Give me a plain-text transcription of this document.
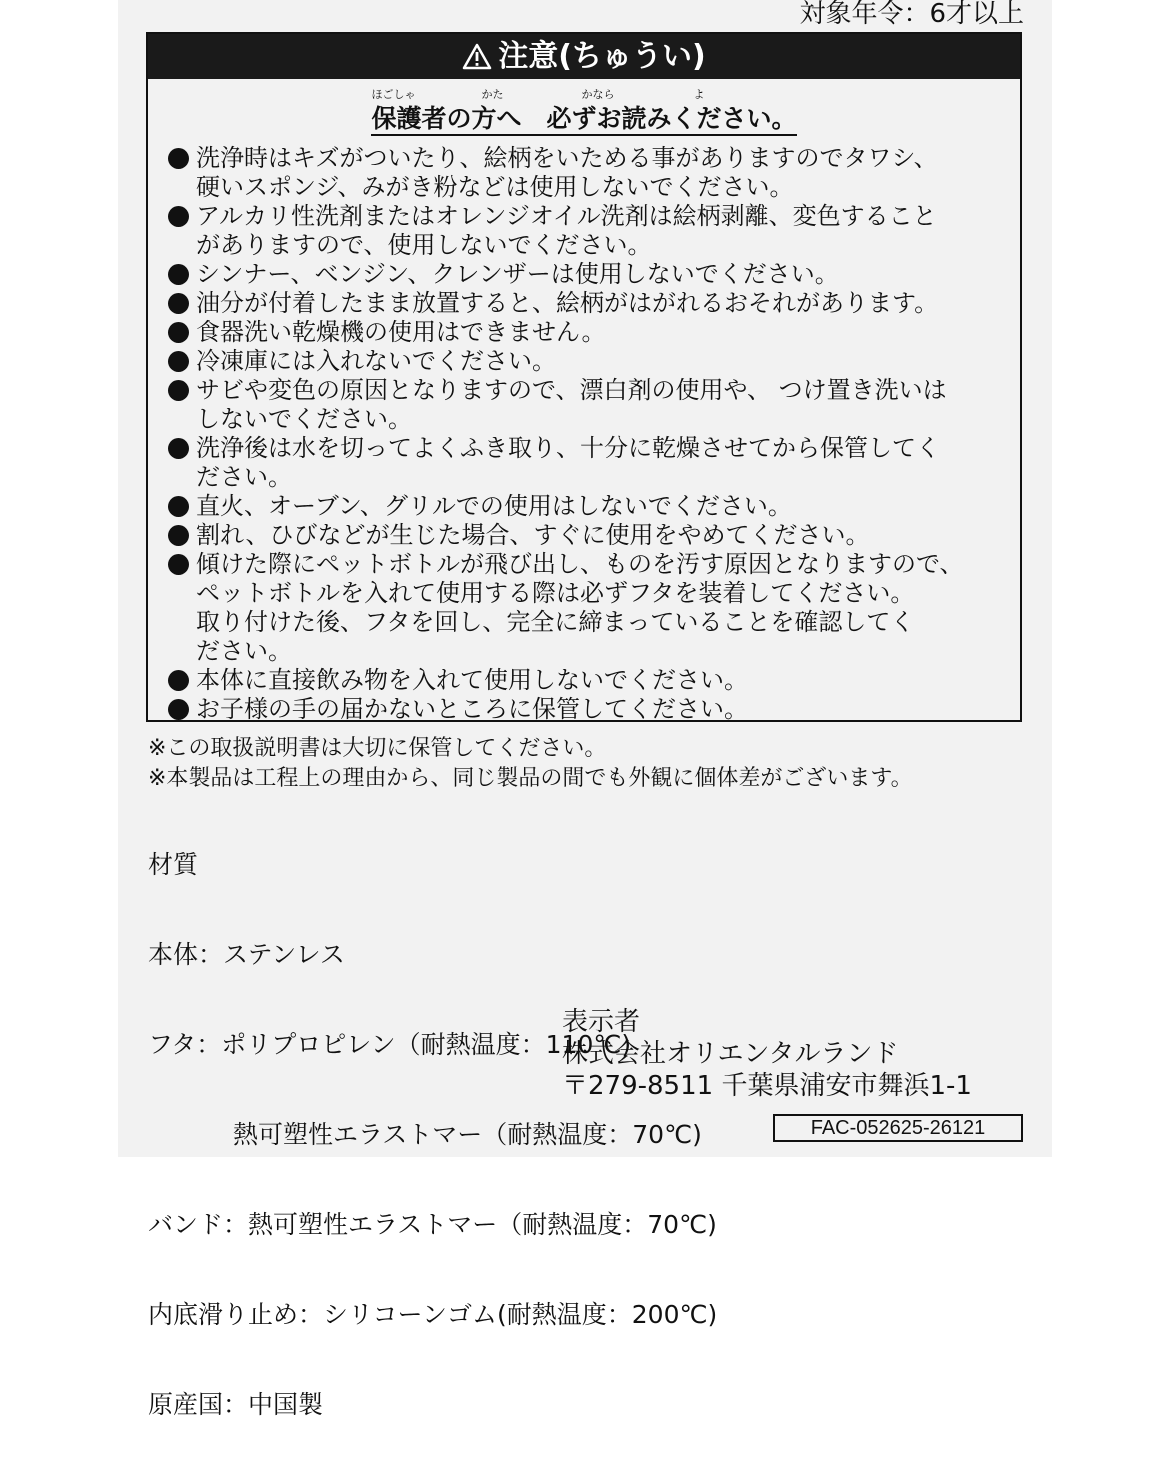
対象年令：6才以上
注意(ちゅうい)
ほごしゃ	かた	かなら	よ
保護者の方へ　必ずお読みください。
洗浄時はキズがついたり、絵柄をいためる事がありますのでタワシ、
硬いスポンジ、みがき粉などは使用しないでください。
アルカリ性洗剤またはオレンジオイル洗剤は絵柄剥離、変色すること
がありますので、使用しないでください。
シンナー、ベンジン、クレンザーは使用しないでください。
油分が付着したまま放置すると、絵柄がはがれるおそれがあります。
食器洗い乾燥機の使用はできません。
冷凍庫には入れないでください。
サビや変色の原因となりますので、漂白剤の使用や、 つけ置き洗いは
しないでください。
洗浄後は水を切ってよくふき取り、十分に乾燥させてから保管してく
ださい。
直火、オーブン、グリルでの使用はしないでください。
割れ、ひびなどが生じた場合、すぐに使用をやめてください。
傾けた際にペットボトルが飛び出し、ものを汚す原因となりますので、
ペットボトルを入れて使用する際は必ずフタを装着してください。
取り付けた後、フタを回し、完全に締まっていることを確認してく
ださい。
本体に直接飲み物を入れて使用しないでください。
お子様の手の届かないところに保管してください。
※この取扱説明書は大切に保管してください。
※本製品は工程上の理由から、同じ製品の間でも外観に個体差がございます。

材質

本体：ステンレス

フタ：ポリプロピレン（耐熱温度：110℃)

熱可塑性エラストマー（耐熱温度：70℃)

バンド：熱可塑性エラストマー（耐熱温度：70℃)

内底滑り止め：シリコーンゴム(耐熱温度：200℃)

原産国：中国製

表示者
株式会社オリエンタルランド
〒279-8511 千葉県浦安市舞浜1-1
FAC-052625-26121
